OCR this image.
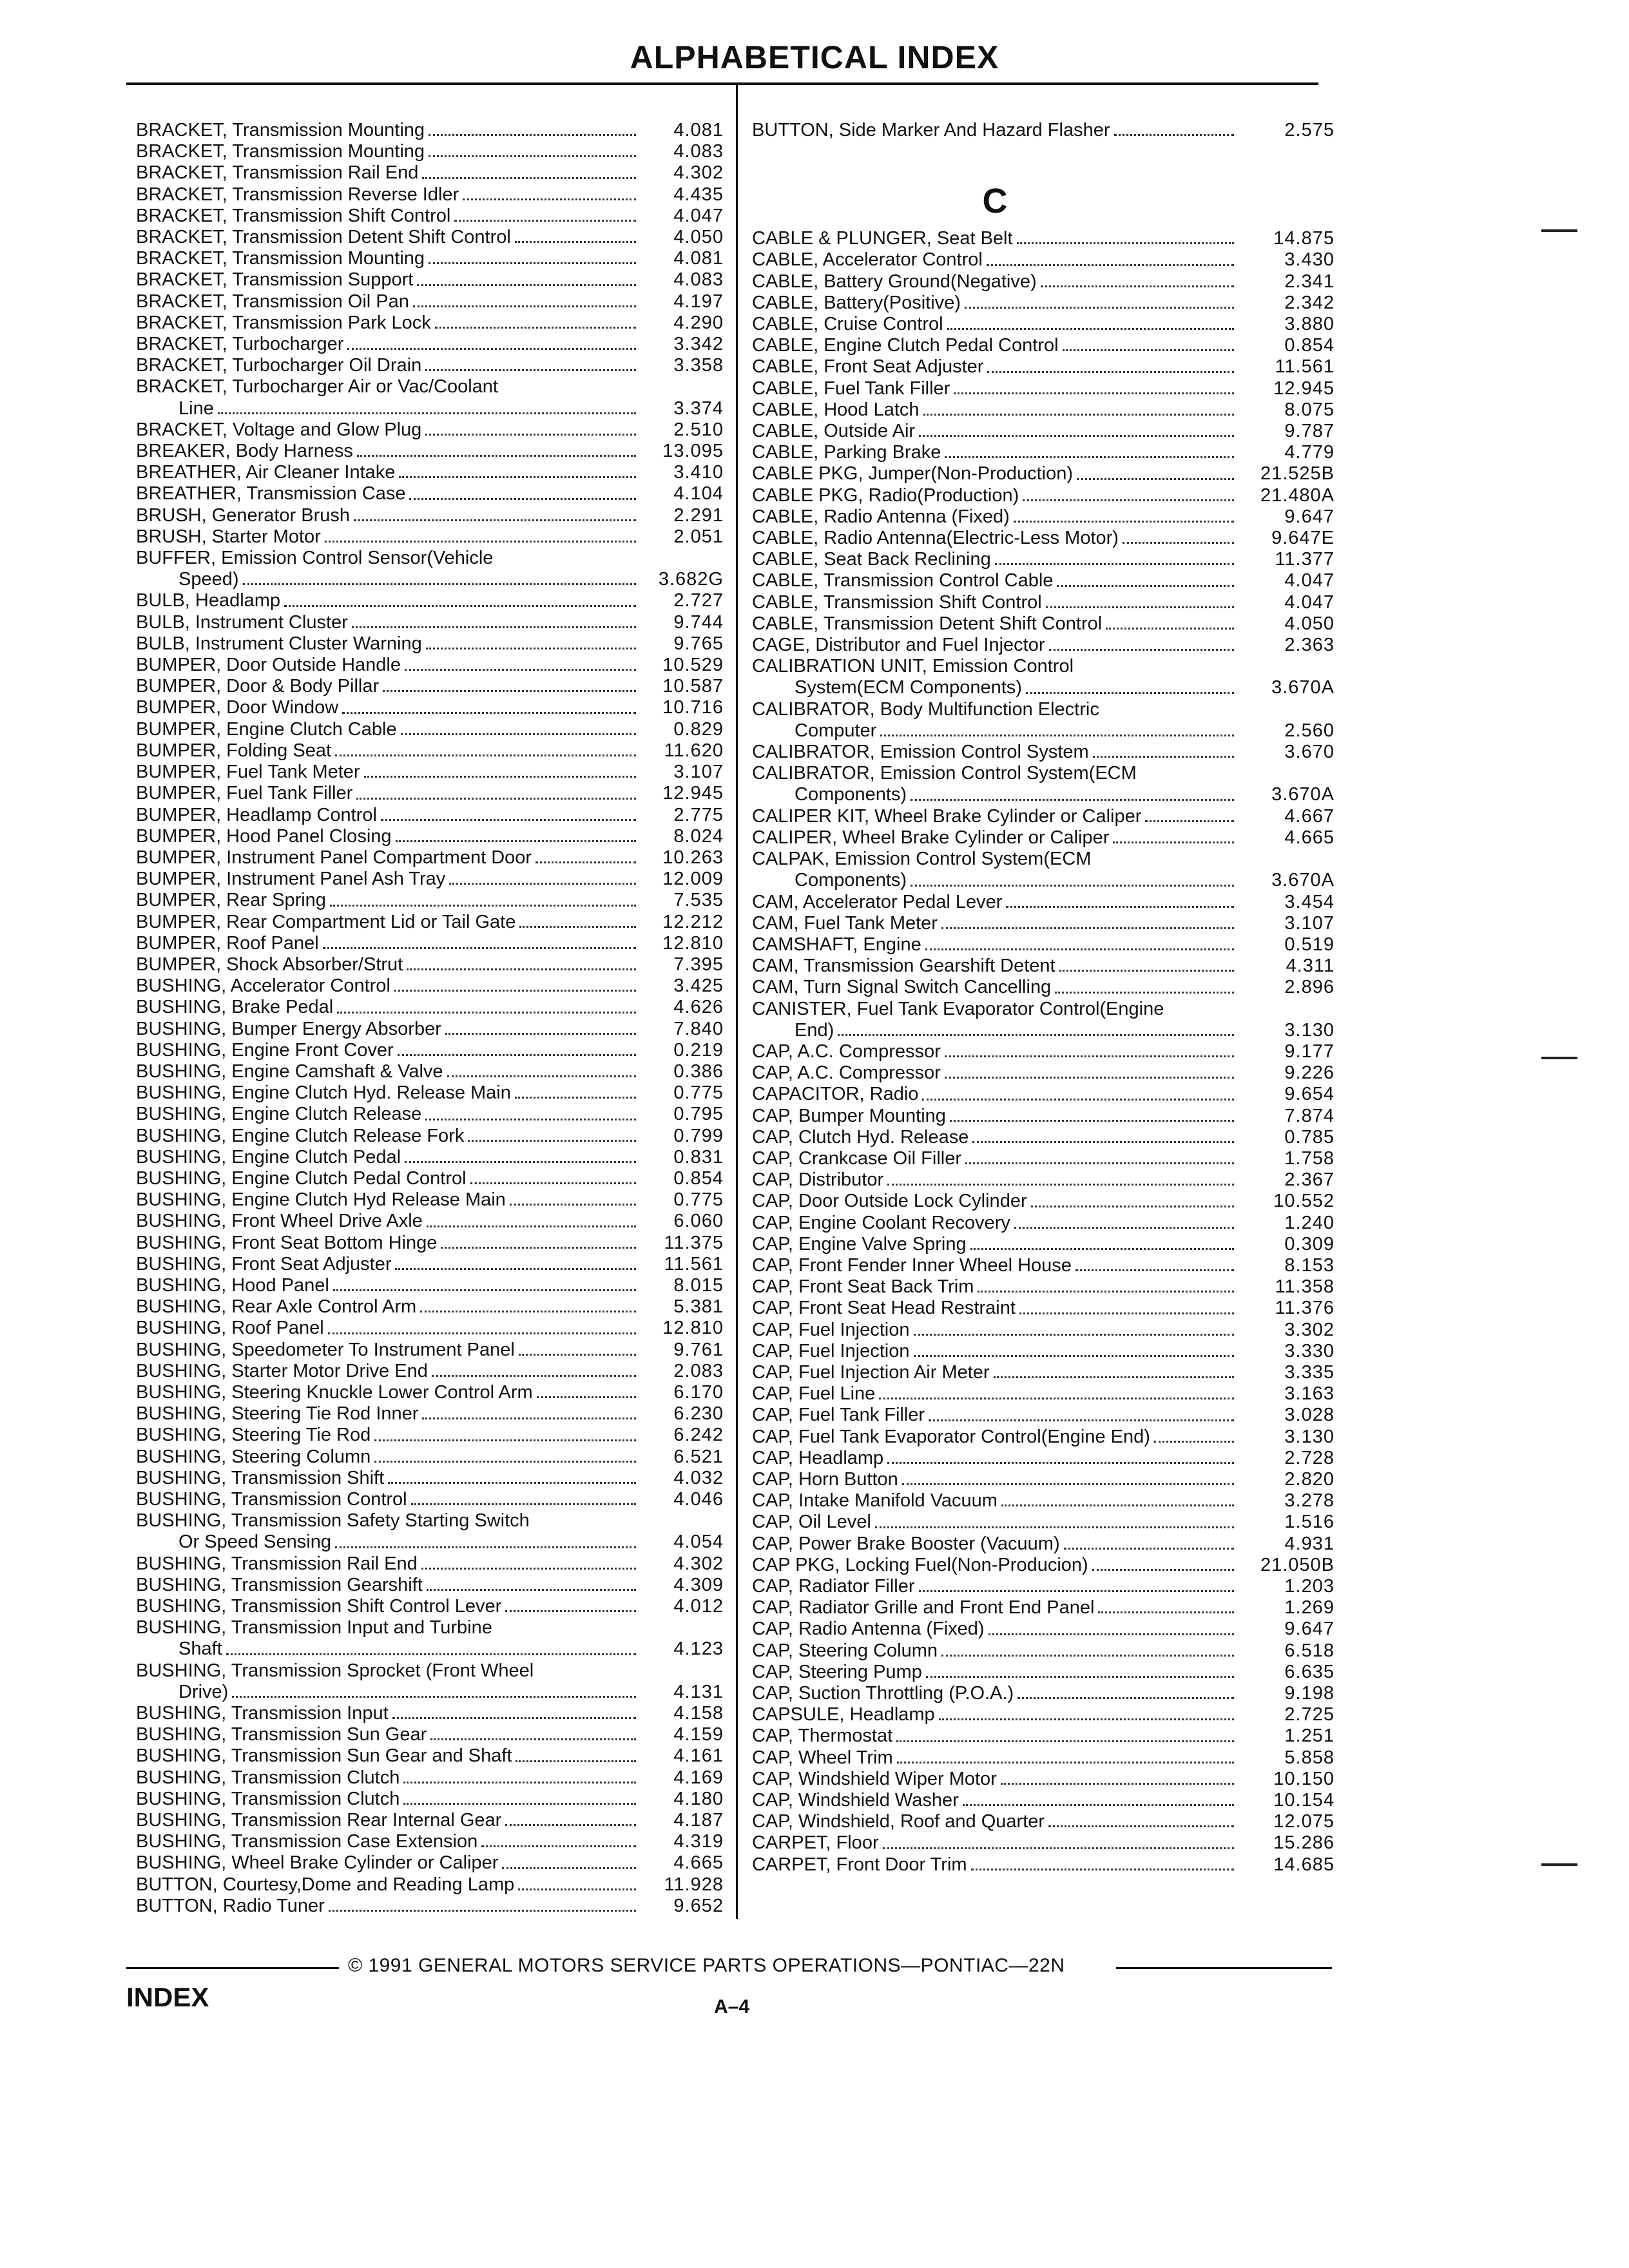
ALPHABETICAL INDEX
BRACKET, Transmission Mounting	4.081
BRACKET, Transmission Mounting	4.083
BRACKET, Transmission Rail End	4.302
BRACKET, Transmission Reverse Idler	4.435
BRACKET, Transmission Shift Control	4.047
BRACKET, Transmission Detent Shift Control	4.050
BRACKET, Transmission Mounting	4.081
BRACKET, Transmission Support	4.083
BRACKET, Transmission Oil Pan	4.197
BRACKET, Transmission Park Lock	4.290
BRACKET, Turbocharger	3.342
BRACKET, Turbocharger Oil Drain	3.358
BRACKET, Turbocharger Air or Vac/Coolant
Line	3.374
BRACKET, Voltage and Glow Plug	2.510
BREAKER, Body Harness	13.095
BREATHER, Air Cleaner Intake	3.410
BREATHER, Transmission Case	4.104
BRUSH, Generator Brush	2.291
BRUSH, Starter Motor	2.051
BUFFER, Emission Control Sensor(Vehicle
Speed)	3.682G
BULB, Headlamp	2.727
BULB, Instrument Cluster	9.744
BULB, Instrument Cluster Warning	9.765
BUMPER, Door Outside Handle	10.529
BUMPER, Door & Body Pillar	10.587
BUMPER, Door Window	10.716
BUMPER, Engine Clutch Cable	0.829
BUMPER, Folding Seat	11.620
BUMPER, Fuel Tank Meter	3.107
BUMPER, Fuel Tank Filler	12.945
BUMPER, Headlamp Control	2.775
BUMPER, Hood Panel Closing	8.024
BUMPER, Instrument Panel Compartment Door	10.263
BUMPER, Instrument Panel Ash Tray	12.009
BUMPER, Rear Spring	7.535
BUMPER, Rear Compartment Lid or Tail Gate	12.212
BUMPER, Roof Panel	12.810
BUMPER, Shock Absorber/Strut	7.395
BUSHING, Accelerator Control	3.425
BUSHING, Brake Pedal	4.626
BUSHING, Bumper Energy Absorber	7.840
BUSHING, Engine Front Cover	0.219
BUSHING, Engine Camshaft & Valve	0.386
BUSHING, Engine Clutch Hyd. Release Main	0.775
BUSHING, Engine Clutch Release	0.795
BUSHING, Engine Clutch Release Fork	0.799
BUSHING, Engine Clutch Pedal	0.831
BUSHING, Engine Clutch Pedal Control	0.854
BUSHING, Engine Clutch Hyd Release Main	0.775
BUSHING, Front Wheel Drive Axle	6.060
BUSHING, Front Seat Bottom Hinge	11.375
BUSHING, Front Seat Adjuster	11.561
BUSHING, Hood Panel	8.015
BUSHING, Rear Axle Control Arm	5.381
BUSHING, Roof Panel	12.810
BUSHING, Speedometer To Instrument Panel	9.761
BUSHING, Starter Motor Drive End	2.083
BUSHING, Steering Knuckle Lower Control Arm	6.170
BUSHING, Steering Tie Rod Inner	6.230
BUSHING, Steering Tie Rod	6.242
BUSHING, Steering Column	6.521
BUSHING, Transmission Shift	4.032
BUSHING, Transmission Control	4.046
BUSHING, Transmission Safety Starting Switch
Or Speed Sensing	4.054
BUSHING, Transmission Rail End	4.302
BUSHING, Transmission Gearshift	4.309
BUSHING, Transmission Shift Control Lever	4.012
BUSHING, Transmission Input and Turbine
Shaft	4.123
BUSHING, Transmission Sprocket (Front Wheel
Drive)	4.131
BUSHING, Transmission Input	4.158
BUSHING, Transmission Sun Gear	4.159
BUSHING, Transmission Sun Gear and Shaft	4.161
BUSHING, Transmission Clutch	4.169
BUSHING, Transmission Clutch	4.180
BUSHING, Transmission Rear Internal Gear	4.187
BUSHING, Transmission Case Extension	4.319
BUSHING, Wheel Brake Cylinder or Caliper	4.665
BUTTON, Courtesy,Dome and Reading Lamp	11.928
BUTTON, Radio Tuner	9.652
BUTTON, Side Marker And Hazard Flasher	2.575
C
CABLE & PLUNGER, Seat Belt	14.875
CABLE, Accelerator Control	3.430
CABLE, Battery Ground(Negative)	2.341
CABLE, Battery(Positive)	2.342
CABLE, Cruise Control	3.880
CABLE, Engine Clutch Pedal Control	0.854
CABLE, Front Seat Adjuster	11.561
CABLE, Fuel Tank Filler	12.945
CABLE, Hood Latch	8.075
CABLE, Outside Air	9.787
CABLE, Parking Brake	4.779
CABLE PKG, Jumper(Non-Production)	21.525B
CABLE PKG, Radio(Production)	21.480A
CABLE, Radio Antenna (Fixed)	9.647
CABLE, Radio Antenna(Electric-Less Motor)	9.647E
CABLE, Seat Back Reclining	11.377
CABLE, Transmission Control Cable	4.047
CABLE, Transmission Shift Control	4.047
CABLE, Transmission Detent Shift Control	4.050
CAGE, Distributor and Fuel Injector	2.363
CALIBRATION UNIT, Emission Control
System(ECM Components)	3.670A
CALIBRATOR, Body Multifunction Electric
Computer	2.560
CALIBRATOR, Emission Control System	3.670
CALIBRATOR, Emission Control System(ECM
Components)	3.670A
CALIPER KIT, Wheel Brake Cylinder or Caliper	4.667
CALIPER, Wheel Brake Cylinder or Caliper	4.665
CALPAK, Emission Control System(ECM
Components)	3.670A
CAM, Accelerator Pedal Lever	3.454
CAM, Fuel Tank Meter	3.107
CAMSHAFT, Engine	0.519
CAM, Transmission Gearshift Detent	4.311
CAM, Turn Signal Switch Cancelling	2.896
CANISTER, Fuel Tank Evaporator Control(Engine
End)	3.130
CAP, A.C. Compressor	9.177
CAP, A.C. Compressor	9.226
CAPACITOR, Radio	9.654
CAP, Bumper Mounting	7.874
CAP, Clutch Hyd. Release	0.785
CAP, Crankcase Oil Filler	1.758
CAP, Distributor	2.367
CAP, Door Outside Lock Cylinder	10.552
CAP, Engine Coolant Recovery	1.240
CAP, Engine Valve Spring	0.309
CAP, Front Fender Inner Wheel House	8.153
CAP, Front Seat Back Trim	11.358
CAP, Front Seat Head Restraint	11.376
CAP, Fuel Injection	3.302
CAP, Fuel Injection	3.330
CAP, Fuel Injection Air Meter	3.335
CAP, Fuel Line	3.163
CAP, Fuel Tank Filler	3.028
CAP, Fuel Tank Evaporator Control(Engine End)	3.130
CAP, Headlamp	2.728
CAP, Horn Button	2.820
CAP, Intake Manifold Vacuum	3.278
CAP, Oil Level	1.516
CAP, Power Brake Booster (Vacuum)	4.931
CAP PKG, Locking Fuel(Non-Producion)	21.050B
CAP, Radiator Filler	1.203
CAP, Radiator Grille and Front End Panel	1.269
CAP, Radio Antenna (Fixed)	9.647
CAP, Steering Column	6.518
CAP, Steering Pump	6.635
CAP, Suction Throttling (P.O.A.)	9.198
CAPSULE, Headlamp	2.725
CAP, Thermostat	1.251
CAP, Wheel Trim	5.858
CAP, Windshield Wiper Motor	10.150
CAP, Windshield Washer	10.154
CAP, Windshield, Roof and Quarter	12.075
CARPET, Floor	15.286
CARPET, Front Door Trim	14.685
© 1991 GENERAL MOTORS SERVICE PARTS OPERATIONS—PONTIAC—22N
INDEX	A–4
